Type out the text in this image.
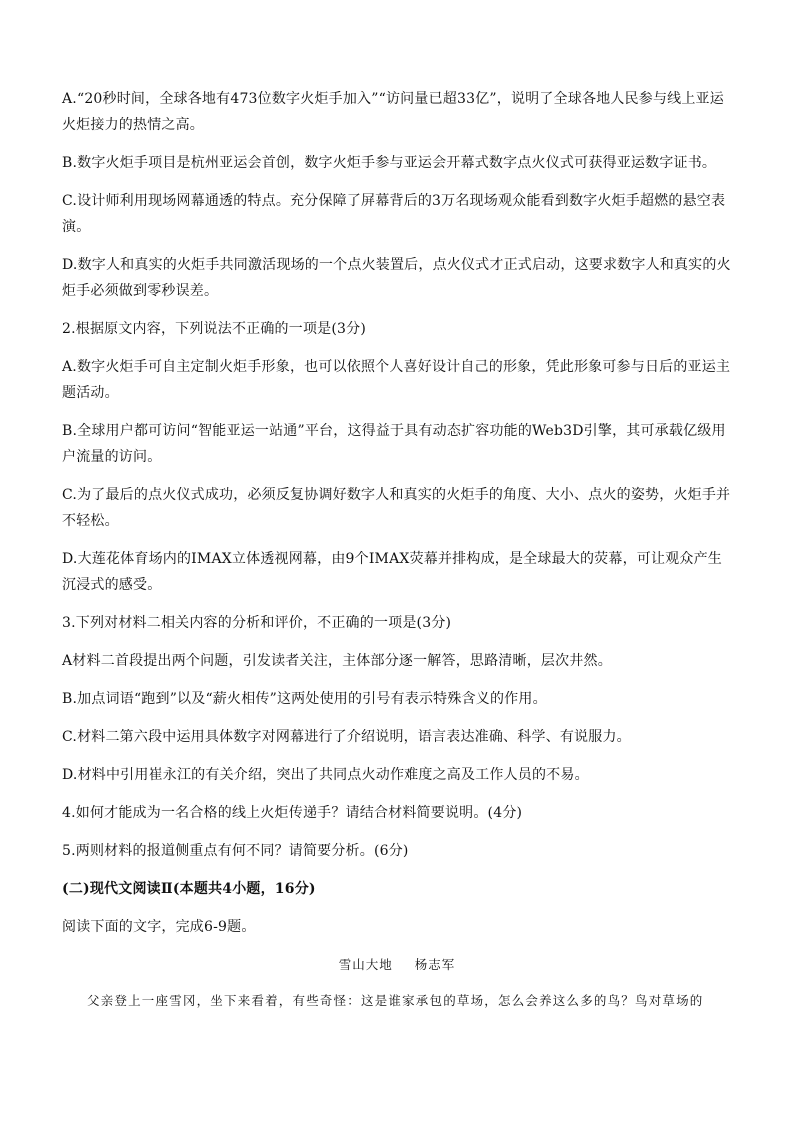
A.“20秒时间，全球各地有473位数字火炬手加入”“访问量已超33亿”，说明了全球各地人民参与线上亚运火炬接力的热情之高。

B.数字火炬手项目是杭州亚运会首创，数字火炬手参与亚运会开幕式数字点火仪式可获得亚运数字证书。

C.设计师利用现场网幕通透的特点。充分保障了屏幕背后的3万名现场观众能看到数字火炬手超燃的悬空表演。

D.数字人和真实的火炬手共同激活现场的一个点火装置后，点火仪式才正式启动，这要求数字人和真实的火炬手必须做到零秒误差。

2.根据原文内容，下列说法不正确的一项是(3分)

A.数字火炬手可自主定制火炬手形象，也可以依照个人喜好设计自己的形象，凭此形象可参与日后的亚运主题活动。

B.全球用户都可访问“智能亚运一站通”平台，这得益于具有动态扩容功能的Web3D引擎，其可承载亿级用户流量的访问。

C.为了最后的点火仪式成功，必须反复协调好数字人和真实的火炬手的角度、大小、点火的姿势，火炬手并不轻松。

D.大莲花体育场内的IMAX立体透视网幕，由9个IMAX荧幕并排构成，是全球最大的荧幕，可让观众产生沉浸式的感受。

3.下列对材料二相关内容的分析和评价，不正确的一项是(3分)

A材料二首段提出两个问题，引发读者关注，主体部分逐一解答，思路清晰，层次井然。

B.加点词语“跑到”以及“薪火相传”这两处使用的引号有表示特殊含义的作用。

C.材料二第六段中运用具体数字对网幕进行了介绍说明，语言表达准确、科学、有说服力。

D.材料中引用崔永江的有关介绍，突出了共同点火动作难度之高及工作人员的不易。

4.如何才能成为一名合格的线上火炬传递手？请结合材料简要说明。(4分)

5.两则材料的报道侧重点有何不同？请简要分析。(6分)

(二)现代文阅读Ⅱ(本题共4小题，16分)

阅读下面的文字，完成6-9题。

雪山大地 杨志军

父亲登上一座雪冈，坐下来看着，有些奇怪：这是谁家承包的草场，怎么会养这么多的鸟？鸟对草场的
